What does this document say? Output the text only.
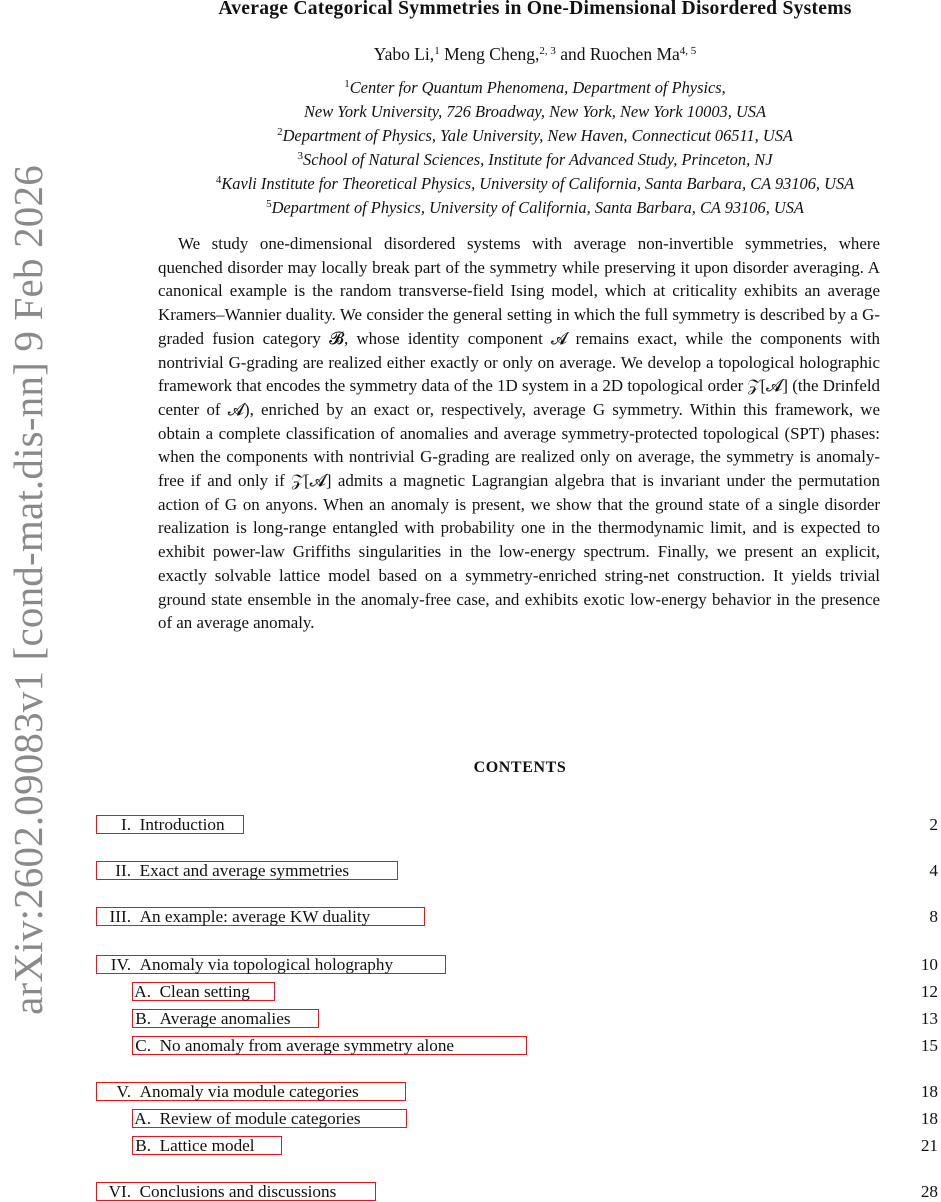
arXiv:2602.09083v1 [cond-mat.dis-nn] 9 Feb 2026
Average Categorical Symmetries in One-Dimensional Disordered Systems
Yabo Li,$^1$ Meng Cheng,$^{2, 3}$ and Ruochen Ma$^{4, 5}$
$^1$Center for Quantum Phenomena, Department of Physics,
New York University, 726 Broadway, New York, New York 10003, USA
$^2$Department of Physics, Yale University, New Haven, Connecticut 06511, USA
$^3$School of Natural Sciences, Institute for Advanced Study, Princeton, NJ
$^4$Kavli Institute for Theoretical Physics, University of California, Santa Barbara, CA 93106, USA
$^5$Department of Physics, University of California, Santa Barbara, CA 93106, USA

We study one-dimensional disordered systems with average non-invertible symmetries, where quenched disorder may locally break part of the symmetry while preserving it upon disorder averaging. A canonical example is the random transverse-field Ising model, which at criticality exhibits an average Kramers–Wannier duality. We consider the general setting in which the full symmetry is described by a G-graded fusion category 𝓑, whose identity component 𝓐 remains exact, while the components with nontrivial G-grading are realized either exactly or only on average. We develop a topological holographic framework that encodes the symmetry data of the 1D system in a 2D topological order 𝒵[𝓐] (the Drinfeld center of 𝓐), enriched by an exact or, respectively, average G symmetry. Within this framework, we obtain a complete classification of anomalies and average symmetry-protected topological (SPT) phases: when the components with nontrivial G-grading are realized only on average, the symmetry is anomaly-free if and only if 𝒵[𝓐] admits a magnetic Lagrangian algebra that is invariant under the permutation action of G on anyons. When an anomaly is present, we show that the ground state of a single disorder realization is long-range entangled with probability one in the thermodynamic limit, and is expected to exhibit power-law Griffiths singularities in the low-energy spectrum. Finally, we present an explicit, exactly solvable lattice model based on a symmetry-enriched string-net construction. It yields trivial ground state ensemble in the anomaly-free case, and exhibits exotic low-energy behavior in the presence of an average anomaly.

CONTENTS
I. Introduction	2
II. Exact and average symmetries	4
III. An example: average KW duality	8
IV. Anomaly via topological holography	10
A. Clean setting	12
B. Average anomalies	13
C. No anomaly from average symmetry alone	15
V. Anomaly via module categories	18
A. Review of module categories	18
B. Lattice model	21
VI. Conclusions and discussions	28
